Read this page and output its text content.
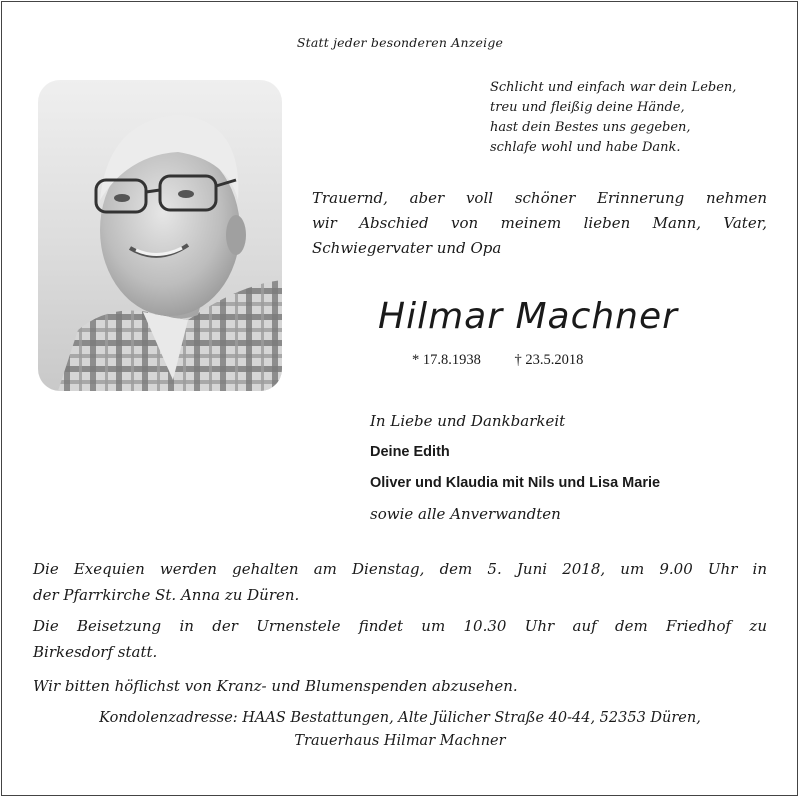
Statt jeder besonderen Anzeige
Schlicht und einfach war dein Leben,
treu und fleißig deine Hände,
hast dein Bestes uns gegeben,
schlafe wohl und habe Dank.
Trauernd, aber voll schöner Erinnerung nehmen
wir Abschied von meinem lieben Mann, Vater,
Schwiegervater und Opa
Hilmar Machner
* 17.8.1938 † 23.5.2018
In Liebe und Dankbarkeit
Deine Edith
Oliver und Klaudia mit Nils und Lisa Marie
sowie alle Anverwandten
Die Exequien werden gehalten am Dienstag, dem 5. Juni 2018, um 9.00 Uhr in
der Pfarrkirche St. Anna zu Düren.
Die Beisetzung in der Urnenstele findet um 10.30 Uhr auf dem Friedhof zu
Birkesdorf statt.
Wir bitten höflichst von Kranz- und Blumenspenden abzusehen.
Kondolenzadresse: HAAS Bestattungen, Alte Jülicher Straße 40-44, 52353 Düren,
Trauerhaus Hilmar Machner
